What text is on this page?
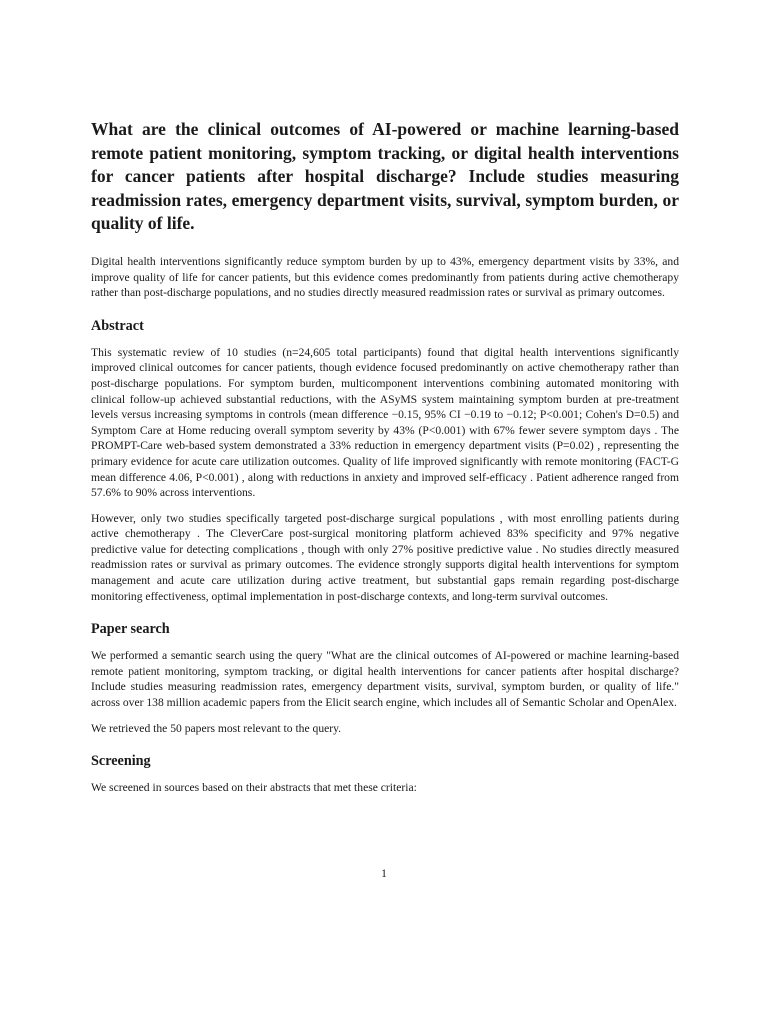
What are the clinical outcomes of AI-powered or machine learning-based remote patient monitoring, symptom tracking, or digital health interventions for cancer patients after hospital discharge? Include studies measuring readmission rates, emergency department visits, survival, symptom burden, or quality of life.

Digital health interventions significantly reduce symptom burden by up to 43%, emergency department visits by 33%, and improve quality of life for cancer patients, but this evidence comes predominantly from patients during active chemotherapy rather than post-discharge populations, and no studies directly measured readmission rates or survival as primary outcomes.

Abstract

This systematic review of 10 studies (n=24,605 total participants) found that digital health interventions significantly improved clinical outcomes for cancer patients, though evidence focused predominantly on active chemotherapy rather than post-discharge populations. For symptom burden, multicomponent interventions combining automated monitoring with clinical follow-up achieved substantial reductions, with the ASyMS system maintaining symptom burden at pre-treatment levels versus increasing symptoms in controls (mean difference −0.15, 95% CI −0.19 to −0.12; P<0.001; Cohen's D=0.5) and Symptom Care at Home reducing overall symptom severity by 43% (P<0.001) with 67% fewer severe symptom days . The PROMPT-Care web-based system demonstrated a 33% reduction in emergency department visits (P=0.02) , representing the primary evidence for acute care utilization outcomes. Quality of life improved significantly with remote monitoring (FACT-G mean difference 4.06, P<0.001) , along with reductions in anxiety and improved self-efficacy . Patient adherence ranged from 57.6% to 90% across interventions.

However, only two studies specifically targeted post-discharge surgical populations , with most enrolling patients during active chemotherapy . The CleverCare post-surgical monitoring platform achieved 83% specificity and 97% negative predictive value for detecting complications , though with only 27% positive predictive value . No studies directly measured readmission rates or survival as primary outcomes. The evidence strongly supports digital health interventions for symptom management and acute care utilization during active treatment, but substantial gaps remain regarding post-discharge monitoring effectiveness, optimal implementation in post-discharge contexts, and long-term survival outcomes.

Paper search

We performed a semantic search using the query "What are the clinical outcomes of AI-powered or machine learning-based remote patient monitoring, symptom tracking, or digital health interventions for cancer patients after hospital discharge? Include studies measuring readmission rates, emergency department visits, survival, symptom burden, or quality of life." across over 138 million academic papers from the Elicit search engine, which includes all of Semantic Scholar and OpenAlex.

We retrieved the 50 papers most relevant to the query.

Screening

We screened in sources based on their abstracts that met these criteria:

1
